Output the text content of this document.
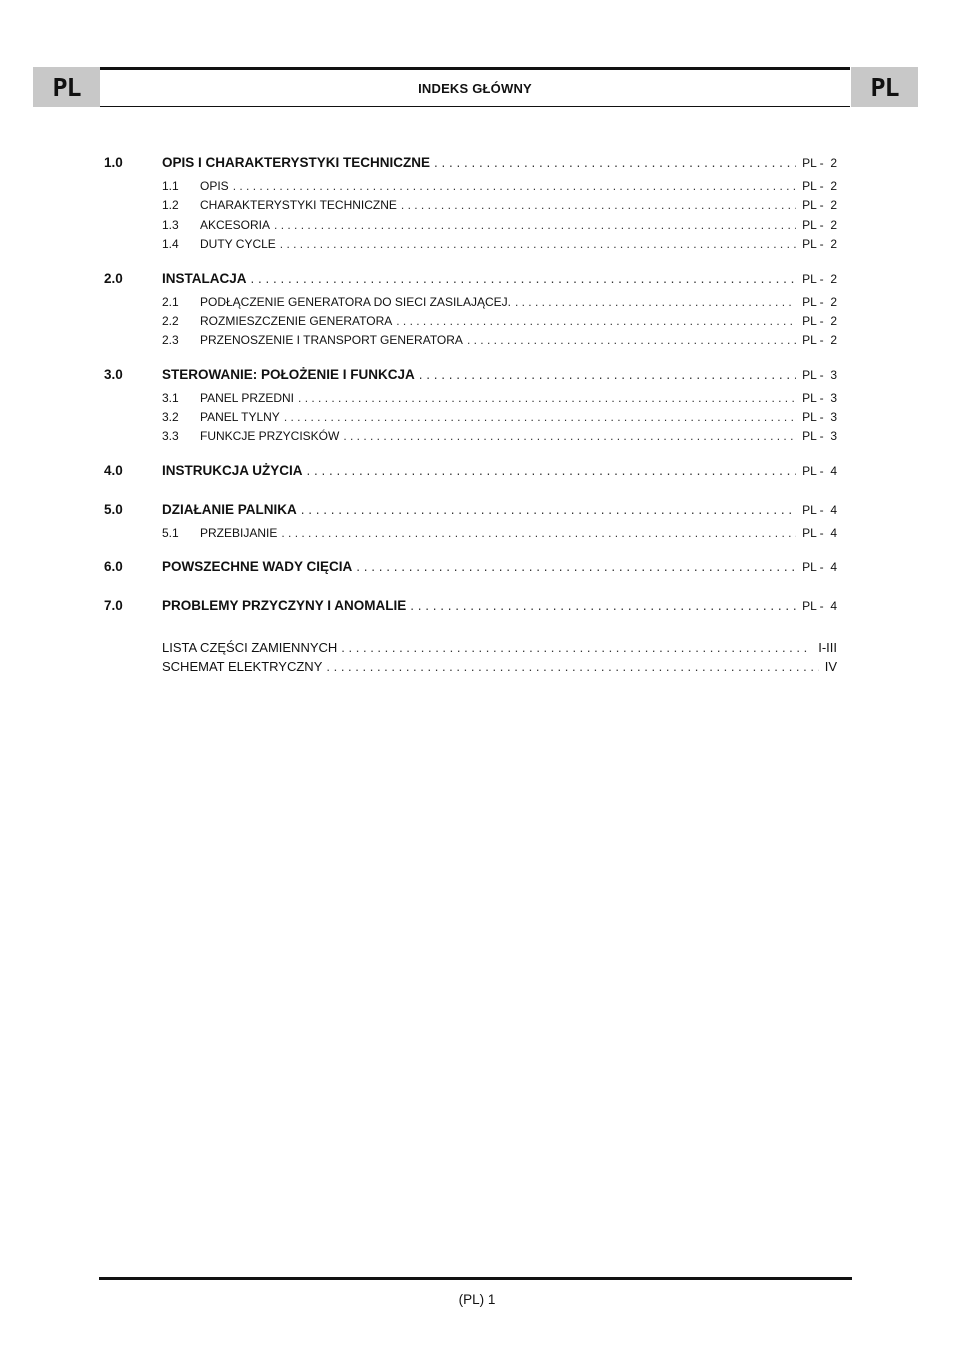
PL	INDEKS GŁÓWNY	PL
1.0	OPIS I CHARAKTERYSTYKI TECHNICZNE . . .	PL -  2
1.1 OPIS . . .	PL -  2
1.2 CHARAKTERYSTYKI TECHNICZNE . . .	PL -  2
1.3 AKCESORIA . . .	PL -  2
1.4 DUTY CYCLE . . .	PL -  2
2.0	INSTALACJA . . .	PL -  2
2.1 PODŁĄCZENIE GENERATORA DO SIECI ZASILAJĄCEJ. . . .	PL -  2
2.2 ROZMIESZCZENIE GENERATORA . . .	PL -  2
2.3 PRZENOSZENIE I TRANSPORT GENERATORA . . .	PL -  2
3.0	STEROWANIE: POŁOŻENIE I FUNKCJA . . .	PL -  3
3.1 PANEL PRZEDNI . . .	PL -  3
3.2 PANEL TYLNY . . .	PL -  3
3.3 FUNKCJE PRZYCISKÓW . . .	PL -  3
4.0	INSTRUKCJA UŻYCIA . . .	PL -  4
5.0	DZIAŁANIE PALNIKA . . .	PL -  4
5.1 PRZEBIJANIE . . .	PL -  4
6.0	POWSZECHNE WADY CIĘCIA . . .	PL -  4
7.0	PROBLEMY PRZYCZYNY I ANOMALIE . . .	PL -  4
LISTA CZĘŚCI ZAMIENNYCH . . .	I-III
SCHEMAT ELEKTRYCZNY . . .	IV
(PL) 1
